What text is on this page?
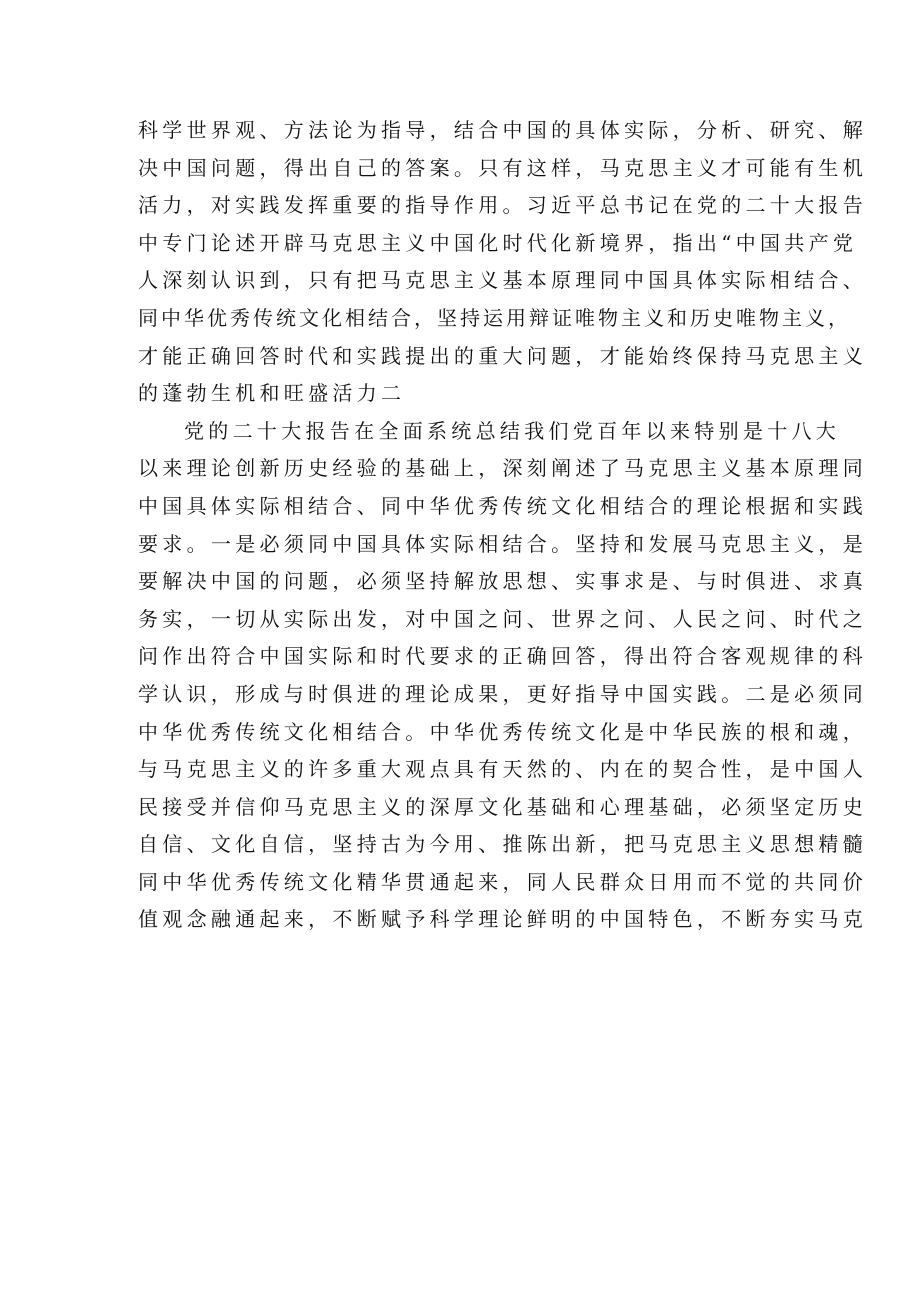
科学世界观、方法论为指导，结合中国的具体实际，分析、研究、解
决中国问题，得出自己的答案。只有这样，马克思主义才可能有生机
活力，对实践发挥重要的指导作用。习近平总书记在党的二十大报告
中专门论述开辟马克思主义中国化时代化新境界，指出“中国共产党
人深刻认识到，只有把马克思主义基本原理同中国具体实际相结合、
同中华优秀传统文化相结合，坚持运用辩证唯物主义和历史唯物主义，
才能正确回答时代和实践提出的重大问题，才能始终保持马克思主义
的蓬勃生机和旺盛活力二
党的二十大报告在全面系统总结我们党百年以来特别是十八大
以来理论创新历史经验的基础上，深刻阐述了马克思主义基本原理同
中国具体实际相结合、同中华优秀传统文化相结合的理论根据和实践
要求。一是必须同中国具体实际相结合。坚持和发展马克思主义，是
要解决中国的问题，必须坚持解放思想、实事求是、与时俱进、求真
务实，一切从实际出发，对中国之问、世界之问、人民之问、时代之
问作出符合中国实际和时代要求的正确回答，得出符合客观规律的科
学认识，形成与时俱进的理论成果，更好指导中国实践。二是必须同
中华优秀传统文化相结合。中华优秀传统文化是中华民族的根和魂，
与马克思主义的许多重大观点具有天然的、内在的契合性，是中国人
民接受并信仰马克思主义的深厚文化基础和心理基础，必须坚定历史
自信、文化自信，坚持古为今用、推陈出新，把马克思主义思想精髓
同中华优秀传统文化精华贯通起来，同人民群众日用而不觉的共同价
值观念融通起来，不断赋予科学理论鲜明的中国特色，不断夯实马克
